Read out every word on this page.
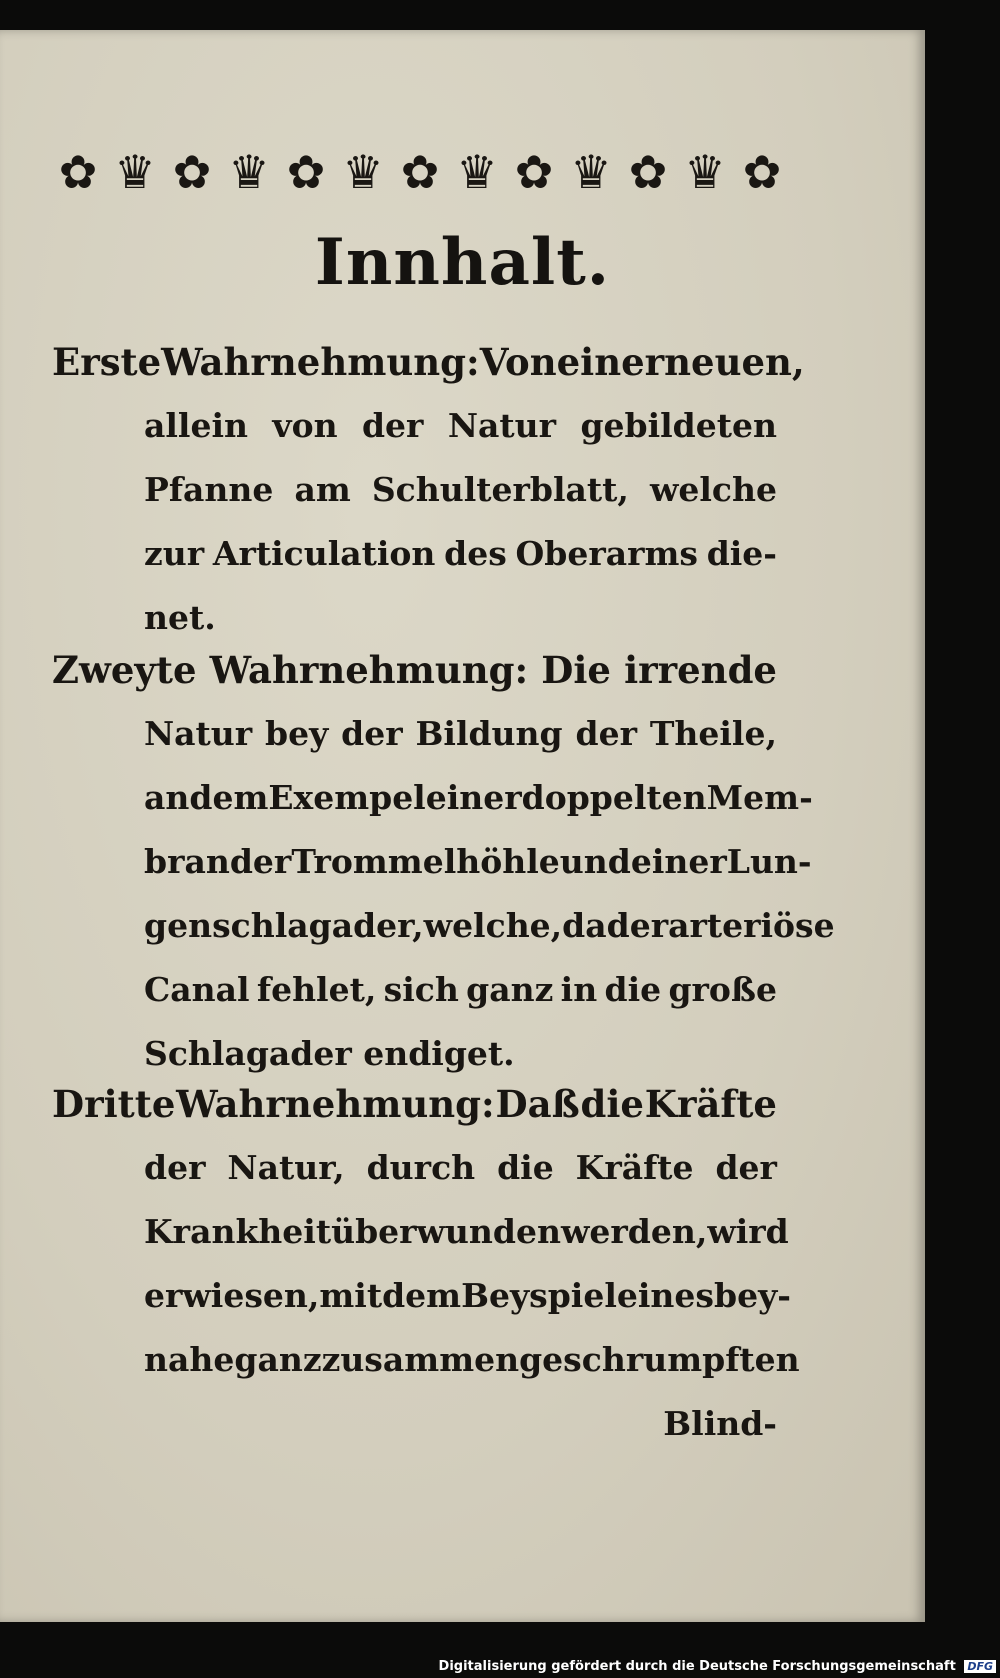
✿ ♛ ✿ ♛ ✿ ♛ ✿ ♛ ✿ ♛ ✿ ♛ ✿
Innhalt.
Erste Wahrnehmung: Von einer neuen,
allein von der Natur gebildeten
Pfanne am Schulterblatt, welche
zur Articulation des Oberarms die-
net.
Zweyte Wahrnehmung: Die irrende
Natur bey der Bildung der Theile,
an dem Exempel einer doppelten Mem-
bran der Trommelhöhle und einer Lun-
genschlagader, welche, da der arteriöse
Canal fehlet, sich ganz in die große
Schlagader endiget.
Dritte Wahrnehmung: Daß die Kräfte
der Natur, durch die Kräfte der
Krankheit überwunden werden, wird
erwiesen, mit dem Beyspiel eines bey-
nahe ganz zusammengeschrumpften
Blind-
Digitalisierung gefördert durch die Deutsche Forschungsgemeinschaft DFG
